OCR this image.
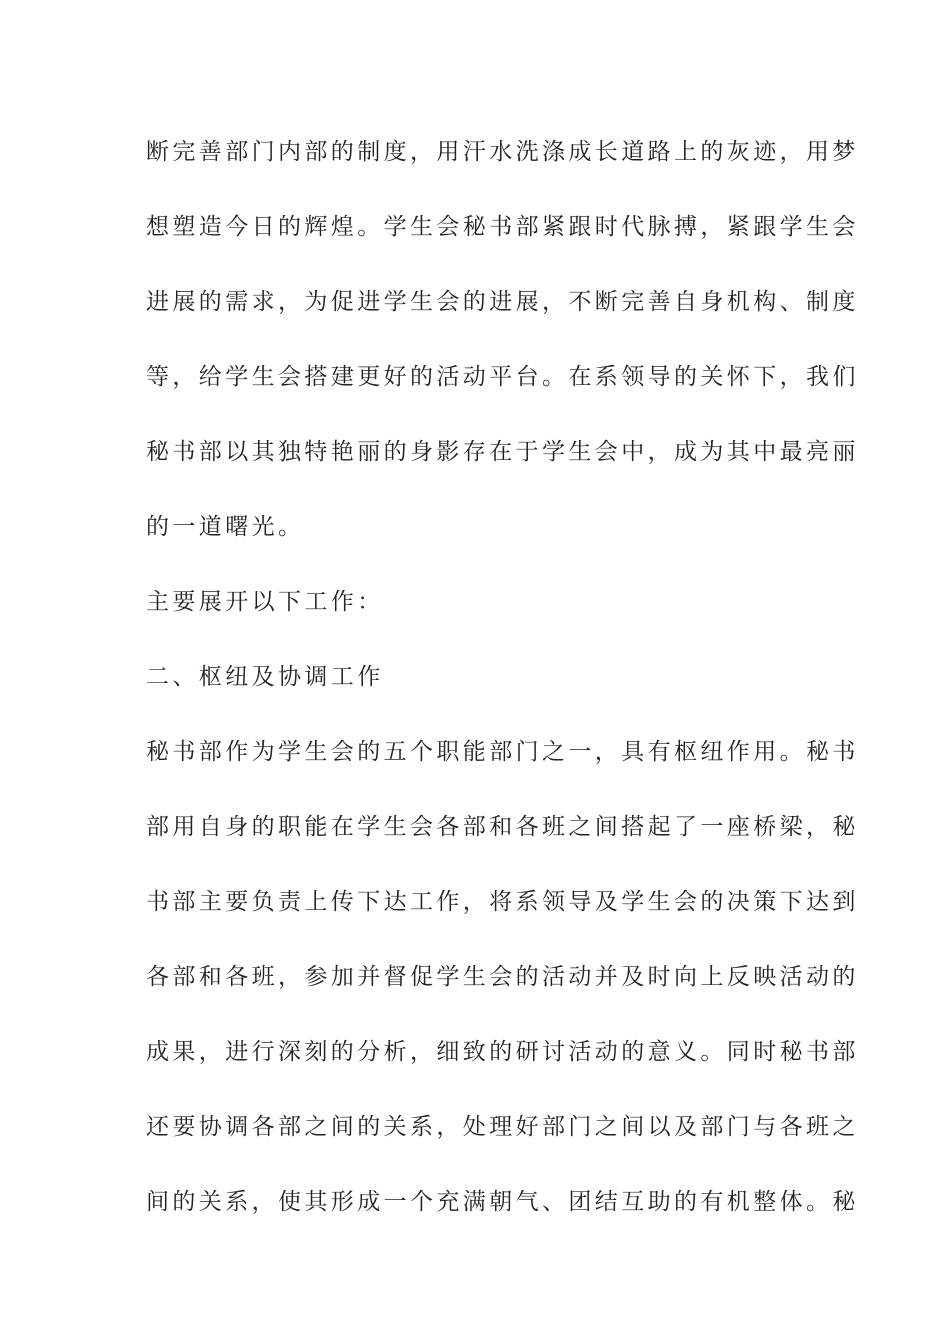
断完善部门内部的制度，用汗水洗涤成长道路上的灰迹，用梦
想塑造今日的辉煌。学生会秘书部紧跟时代脉搏，紧跟学生会
进展的需求，为促进学生会的进展，不断完善自身机构、制度
等，给学生会搭建更好的活动平台。在系领导的关怀下，我们
秘书部以其独特艳丽的身影存在于学生会中，成为其中最亮丽
的一道曙光。
主要展开以下工作：
二、枢纽及协调工作
秘书部作为学生会的五个职能部门之一，具有枢纽作用。秘书
部用自身的职能在学生会各部和各班之间搭起了一座桥梁，秘
书部主要负责上传下达工作，将系领导及学生会的决策下达到
各部和各班，参加并督促学生会的活动并及时向上反映活动的
成果，进行深刻的分析，细致的研讨活动的意义。同时秘书部
还要协调各部之间的关系，处理好部门之间以及部门与各班之
间的关系，使其形成一个充满朝气、团结互助的有机整体。秘
